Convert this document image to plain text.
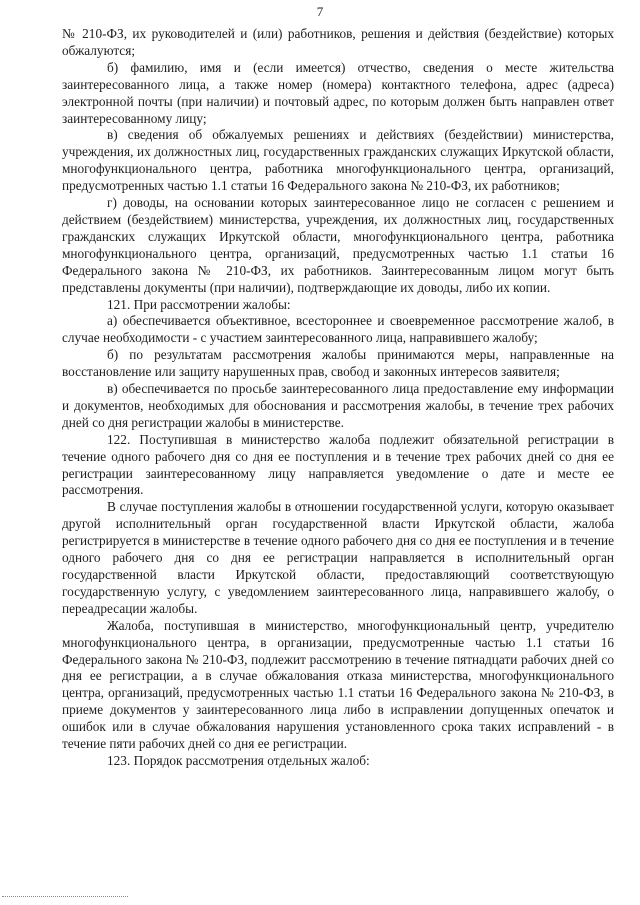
7

№ 210-ФЗ, их руководителей и (или) работников, решения и действия (бездействие) которых обжалуются;

б) фамилию, имя и (если имеется) отчество, сведения о месте жительства заинтересованного лица, а также номер (номера) контактного телефона, адрес (адреса) электронной почты (при наличии) и почтовый адрес, по которым должен быть направлен ответ заинтересованному лицу;

в) сведения об обжалуемых решениях и действиях (бездействии) министерства, учреждения, их должностных лиц, государственных гражданских служащих Иркутской области, многофункционального центра, работника многофункционального центра, организаций, предусмотренных частью 1.1 статьи 16 Федерального закона № 210-ФЗ, их работников;

г) доводы, на основании которых заинтересованное лицо не согласен с решением и действием (бездействием) министерства, учреждения, их должностных лиц, государственных гражданских служащих Иркутской области, многофункционального центра, работника многофункционального центра, организаций, предусмотренных частью 1.1 статьи 16 Федерального закона № 210-ФЗ, их работников. Заинтересованным лицом могут быть представлены документы (при наличии), подтверждающие их доводы, либо их копии.

121. При рассмотрении жалобы:

а) обеспечивается объективное, всестороннее и своевременное рассмотрение жалоб, в случае необходимости - с участием заинтересованного лица, направившего жалобу;

б) по результатам рассмотрения жалобы принимаются меры, направленные на восстановление или защиту нарушенных прав, свобод и законных интересов заявителя;

в) обеспечивается по просьбе заинтересованного лица предоставление ему информации и документов, необходимых для обоснования и рассмотрения жалобы, в течение трех рабочих дней со дня регистрации жалобы в министерстве.

122. Поступившая в министерство жалоба подлежит обязательной регистрации в течение одного рабочего дня со дня ее поступления и в течение трех рабочих дней со дня ее регистрации заинтересованному лицу направляется уведомление о дате и месте ее рассмотрения.

В случае поступления жалобы в отношении государственной услуги, которую оказывает другой исполнительный орган государственной власти Иркутской области, жалоба регистрируется в министерстве в течение одного рабочего дня со дня ее поступления и в течение одного рабочего дня со дня ее регистрации направляется в исполнительный орган государственной власти Иркутской области, предоставляющий соответствующую государственную услугу, с уведомлением заинтересованного лица, направившего жалобу, о переадресации жалобы.

Жалоба, поступившая в министерство, многофункциональный центр, учредителю многофункционального центра, в организации, предусмотренные частью 1.1 статьи 16 Федерального закона № 210-ФЗ, подлежит рассмотрению в течение пятнадцати рабочих дней со дня ее регистрации, а в случае обжалования отказа министерства, многофункционального центра, организаций, предусмотренных частью 1.1 статьи 16 Федерального закона № 210-ФЗ, в приеме документов у заинтересованного лица либо в исправлении допущенных опечаток и ошибок или в случае обжалования нарушения установленного срока таких исправлений - в течение пяти рабочих дней со дня ее регистрации.

123. Порядок рассмотрения отдельных жалоб:
